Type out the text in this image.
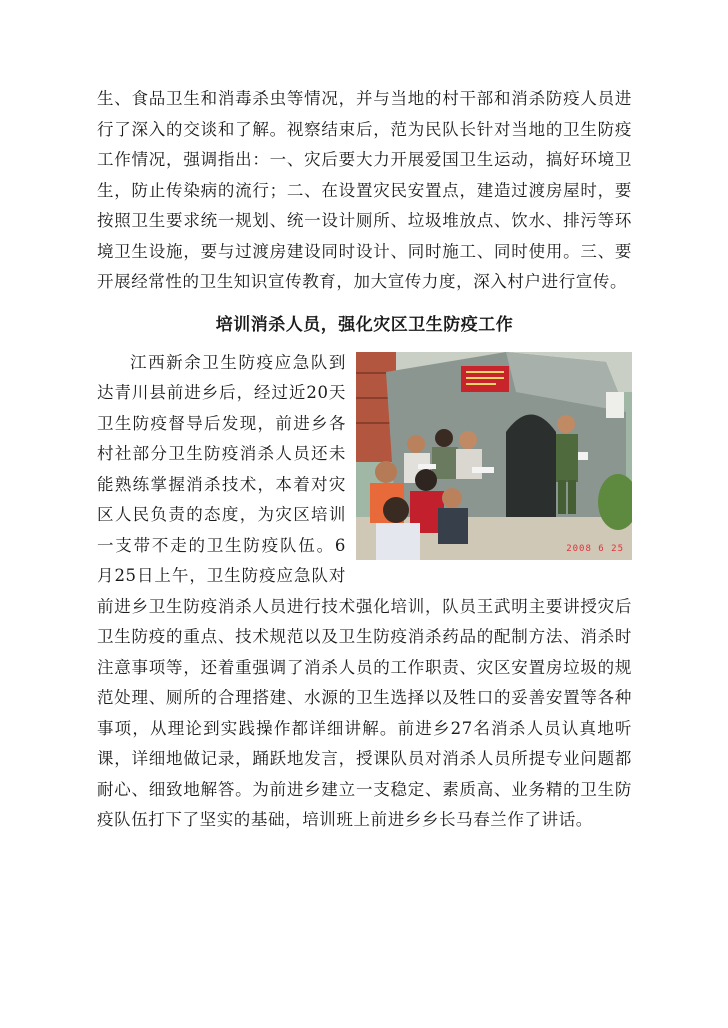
生、食品卫生和消毒杀虫等情况，并与当地的村干部和消杀防疫人员进行了深入的交谈和了解。视察结束后，范为民队长针对当地的卫生防疫工作情况，强调指出：一、灾后要大力开展爱国卫生运动，搞好环境卫生，防止传染病的流行；二、在设置灾民安置点，建造过渡房屋时，要按照卫生要求统一规划、统一设计厕所、垃圾堆放点、饮水、排污等环境卫生设施，要与过渡房建设同时设计、同时施工、同时使用。三、要开展经常性的卫生知识宣传教育，加大宣传力度，深入村户进行宣传。

培训消杀人员，强化灾区卫生防疫工作
2008 6 25

江西新余卫生防疫应急队到达青川县前进乡后，经过近20天卫生防疫督导后发现，前进乡各村社部分卫生防疫消杀人员还未能熟练掌握消杀技术，本着对灾区人民负责的态度，为灾区培训一支带不走的卫生防疫队伍。6月25日上午，卫生防疫应急队对前进乡卫生防疫消杀人员进行技术强化培训，队员王武明主要讲授灾后卫生防疫的重点、技术规范以及卫生防疫消杀药品的配制方法、消杀时注意事项等，还着重强调了消杀人员的工作职责、灾区安置房垃圾的规范处理、厕所的合理搭建、水源的卫生选择以及牲口的妥善安置等各种事项，从理论到实践操作都详细讲解。前进乡27名消杀人员认真地听课，详细地做记录，踊跃地发言，授课队员对消杀人员所提专业问题都耐心、细致地解答。为前进乡建立一支稳定、素质高、业务精的卫生防疫队伍打下了坚实的基础，培训班上前进乡乡长马春兰作了讲话。
